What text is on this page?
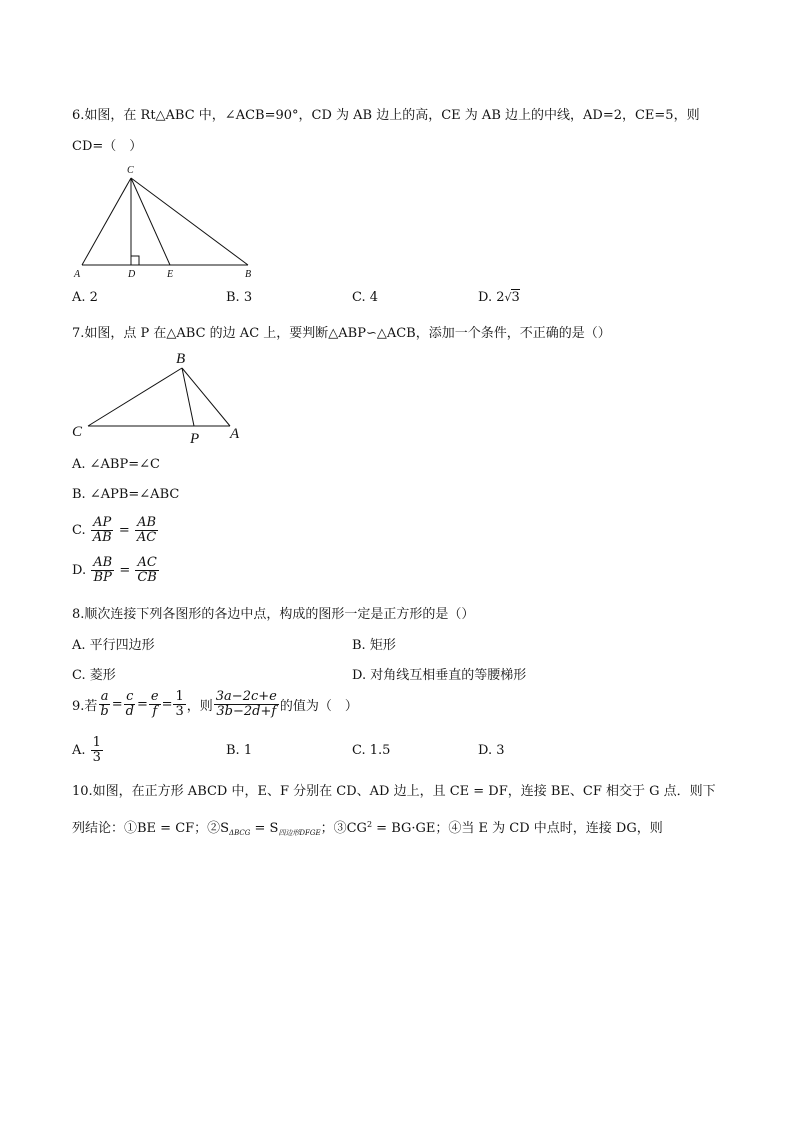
6.如图，在 Rt△ABC 中，∠ACB=90°，CD 为 AB 边上的高，CE 为 AB 边上的中线，AD=2，CE=5，则
CD=（　）
C
A	D	E	B
A. 2	B. 3	C. 4	D. 2√3
7.如图，点 P 在△ABC 的边 AC 上，要判断△ABP∽△ACB，添加一个条件，不正确的是（）
B
C	P A
A. ∠ABP=∠C
B. ∠APB=∠ABC
C.
$\frac{AP}{AB} = \frac{AB}{AC}$
D.
$\frac{AB}{BP} = \frac{AC}{CB}$
8.顺次连接下列各图形的各边中点，构成的图形一定是正方形的是（）
A. 平行四边形	B. 矩形
C. 菱形	D. 对角线互相垂直的等腰梯形
9.若 $\frac{a}{b} = \frac{c}{d} = \frac{e}{f} = \frac{1}{3}$ ，则 $\frac{3a-2c+e}{3b-2d+f}$ 的值为（　）
A.
$\frac{1}{3}$	B. 1	C. 1.5	D. 3
10.如图，在正方形 ABCD 中，E、F 分别在 CD、AD 边上，且 CE = DF，连接 BE、CF 相交于 G 点．则下
列结论：①BE = CF；$②S_{\Delta BCG} = S_{四边形DFGE}$；$③CG^2 = BG\cdot GE$；④当 E 为 CD 中点时，连接 DG，则
